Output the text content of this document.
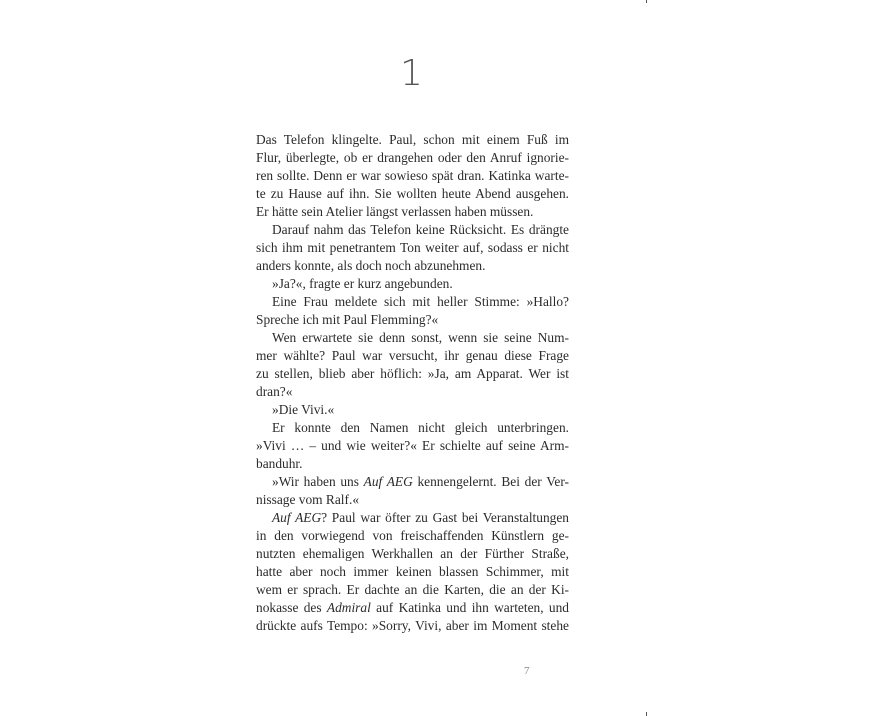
1
Das Telefon klingelte. Paul, schon mit einem Fuß im
Flur, überlegte, ob er drangehen oder den Anruf ignorie-
ren sollte. Denn er war sowieso spät dran. Katinka warte-
te zu Hause auf ihn. Sie wollten heute Abend ausgehen.
Er hätte sein Atelier längst verlassen haben müssen.
Darauf nahm das Telefon keine Rücksicht. Es drängte
sich ihm mit penetrantem Ton weiter auf, sodass er nicht
anders konnte, als doch noch abzunehmen.
»Ja?«, fragte er kurz angebunden.
Eine Frau meldete sich mit heller Stimme: »Hallo?
Spreche ich mit Paul Flemming?«
Wen erwartete sie denn sonst, wenn sie seine Num-
mer wählte? Paul war versucht, ihr genau diese Frage
zu stellen, blieb aber höflich: »Ja, am Apparat. Wer ist
dran?«
»Die Vivi.«
Er konnte den Namen nicht gleich unterbringen.
»Vivi … – und wie weiter?« Er schielte auf seine Arm-
banduhr.
»Wir haben uns Auf AEG kennengelernt. Bei der Ver-
nissage vom Ralf.«
Auf AEG? Paul war öfter zu Gast bei Veranstaltungen
in den vorwiegend von freischaffenden Künstlern ge-
nutzten ehemaligen Werkhallen an der Fürther Straße,
hatte aber noch immer keinen blassen Schimmer, mit
wem er sprach. Er dachte an die Karten, die an der Ki-
nokasse des Admiral auf Katinka und ihn warteten, und
drückte aufs Tempo: »Sorry, Vivi, aber im Moment stehe
7
